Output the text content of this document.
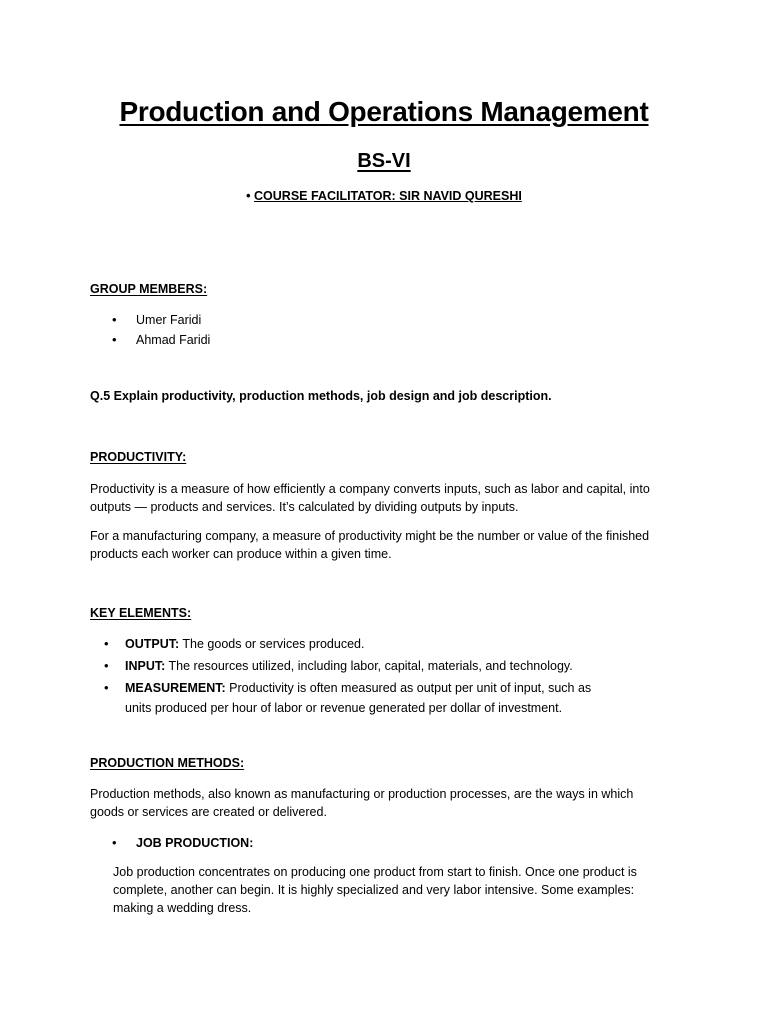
Production and Operations Management
BS-VI
• COURSE FACILITATOR: SIR NAVID QURESHI
GROUP MEMBERS:
• Umer Faridi
• Ahmad Faridi
Q.5 Explain productivity, production methods, job design and job description.
PRODUCTIVITY:
Productivity is a measure of how efficiently a company converts inputs, such as labor and capital, into outputs — products and services. It’s calculated by dividing outputs by inputs.
For a manufacturing company, a measure of productivity might be the number or value of the finished products each worker can produce within a given time.
KEY ELEMENTS:
• OUTPUT: The goods or services produced.
• INPUT: The resources utilized, including labor, capital, materials, and technology.
• MEASUREMENT: Productivity is often measured as output per unit of input, such as units produced per hour of labor or revenue generated per dollar of investment.
PRODUCTION METHODS:
Production methods, also known as manufacturing or production processes, are the ways in which goods or services are created or delivered.
• JOB PRODUCTION:
Job production concentrates on producing one product from start to finish. Once one product is complete, another can begin. It is highly specialized and very labor intensive. Some examples: making a wedding dress.
